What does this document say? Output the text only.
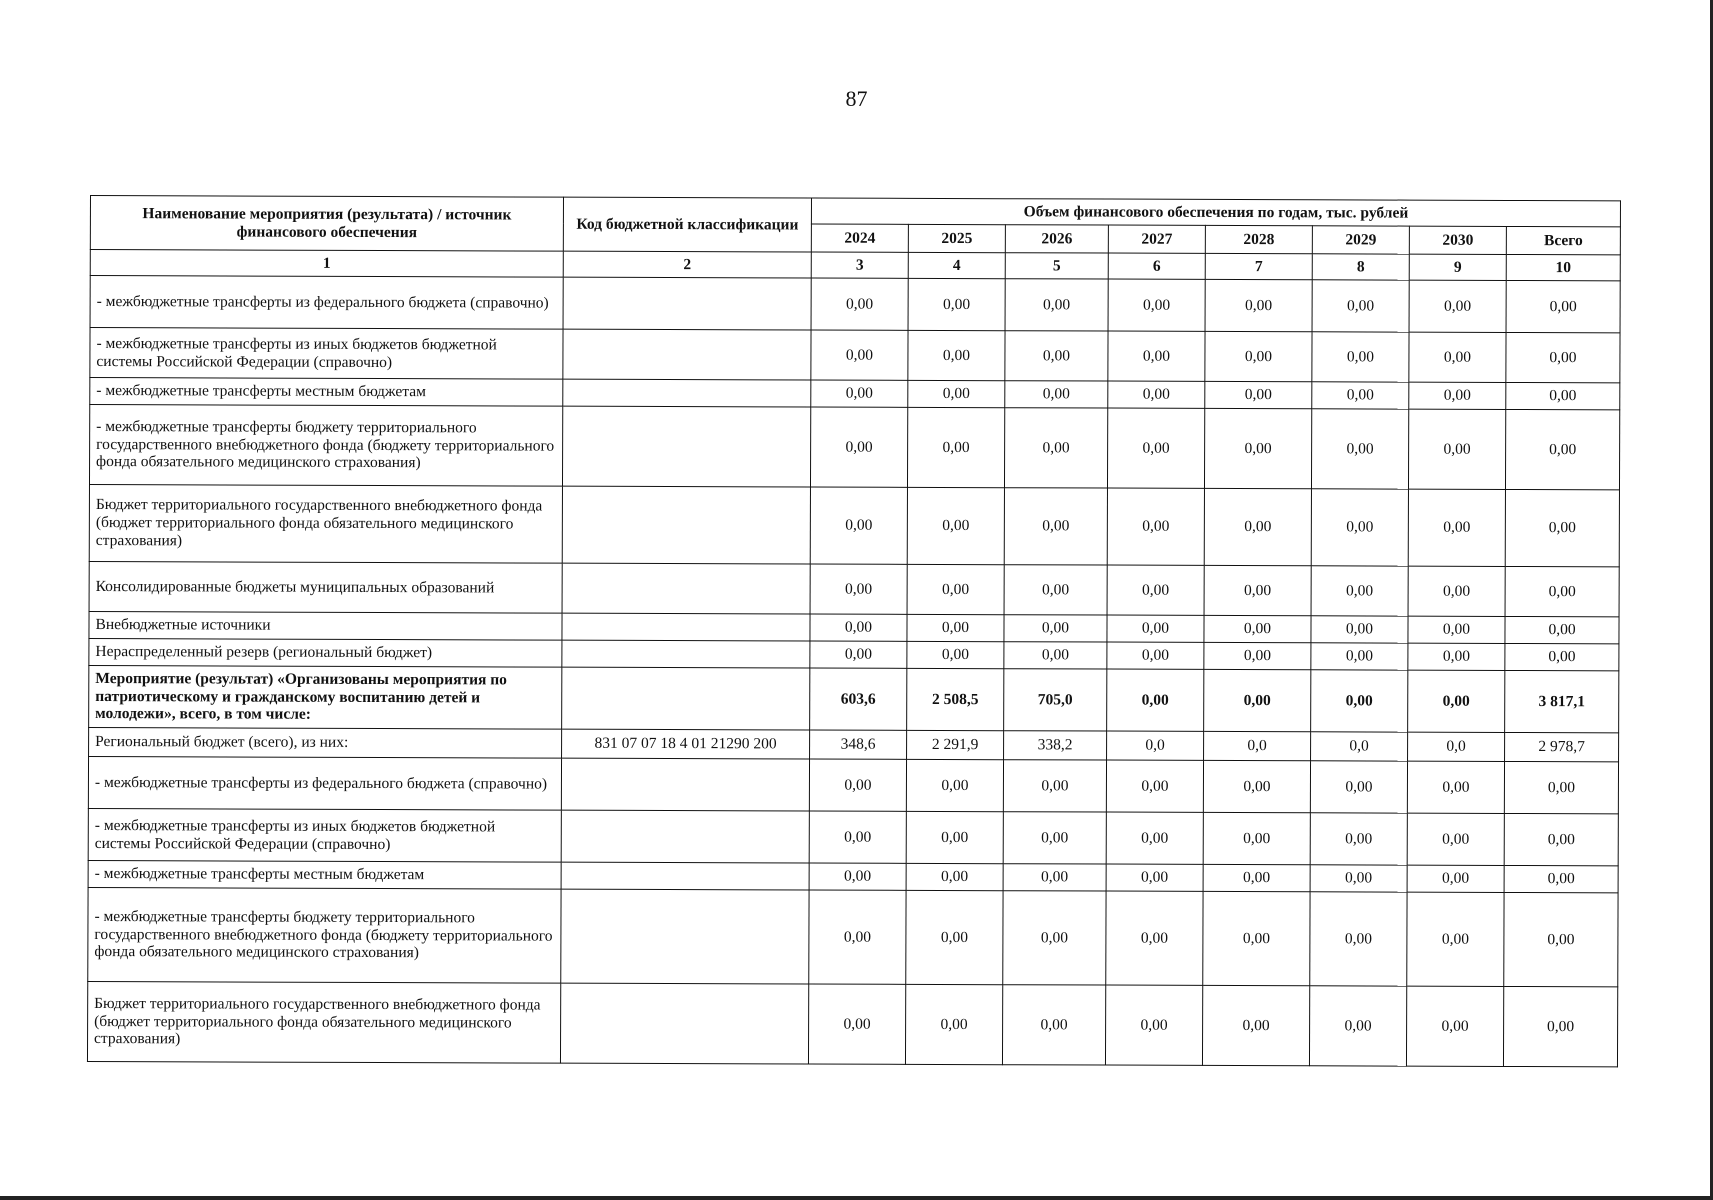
87
Наименование мероприятия (результата) / источник финансового обеспечения	Код бюджетной классификации	Объем финансового обеспечения по годам, тыс. рублей							
		2024	2025	2026	2027	2028	2029	2030	Всего
1	2	3	4	5	6	7	8	9	10
- межбюджетные трансферты из федерального бюджета (справочно)		0,00	0,00	0,00	0,00	0,00	0,00	0,00	0,00
- межбюджетные трансферты из иных бюджетов бюджетной системы Российской Федерации (справочно)		0,00	0,00	0,00	0,00	0,00	0,00	0,00	0,00
- межбюджетные трансферты местным бюджетам		0,00	0,00	0,00	0,00	0,00	0,00	0,00	0,00
- межбюджетные трансферты бюджету территориального государственного внебюджетного фонда (бюджету территориального фонда обязательного медицинского страхования)		0,00	0,00	0,00	0,00	0,00	0,00	0,00	0,00
Бюджет территориального государственного внебюджетного фонда (бюджет территориального фонда обязательного медицинского страхования)		0,00	0,00	0,00	0,00	0,00	0,00	0,00	0,00
Консолидированные бюджеты муниципальных образований		0,00	0,00	0,00	0,00	0,00	0,00	0,00	0,00
Внебюджетные источники		0,00	0,00	0,00	0,00	0,00	0,00	0,00	0,00
Нераспределенный резерв (региональный бюджет)		0,00	0,00	0,00	0,00	0,00	0,00	0,00	0,00
Мероприятие (результат) «Организованы мероприятия по патриотическому и гражданскому воспитанию детей и молодежи», всего, в том числе:		603,6	2 508,5	705,0	0,00	0,00	0,00	0,00	3 817,1
Региональный бюджет (всего), из них:	831 07 07 18 4 01 21290 200	348,6	2 291,9	338,2	0,0	0,0	0,0	0,0	2 978,7
- межбюджетные трансферты из федерального бюджета (справочно)		0,00	0,00	0,00	0,00	0,00	0,00	0,00	0,00
- межбюджетные трансферты из иных бюджетов бюджетной системы Российской Федерации (справочно)		0,00	0,00	0,00	0,00	0,00	0,00	0,00	0,00
- межбюджетные трансферты местным бюджетам		0,00	0,00	0,00	0,00	0,00	0,00	0,00	0,00
- межбюджетные трансферты бюджету территориального государственного внебюджетного фонда (бюджету территориального фонда обязательного медицинского страхования)		0,00	0,00	0,00	0,00	0,00	0,00	0,00	0,00
Бюджет территориального государственного внебюджетного фонда (бюджет территориального фонда обязательного медицинского страхования)		0,00	0,00	0,00	0,00	0,00	0,00	0,00	0,00
